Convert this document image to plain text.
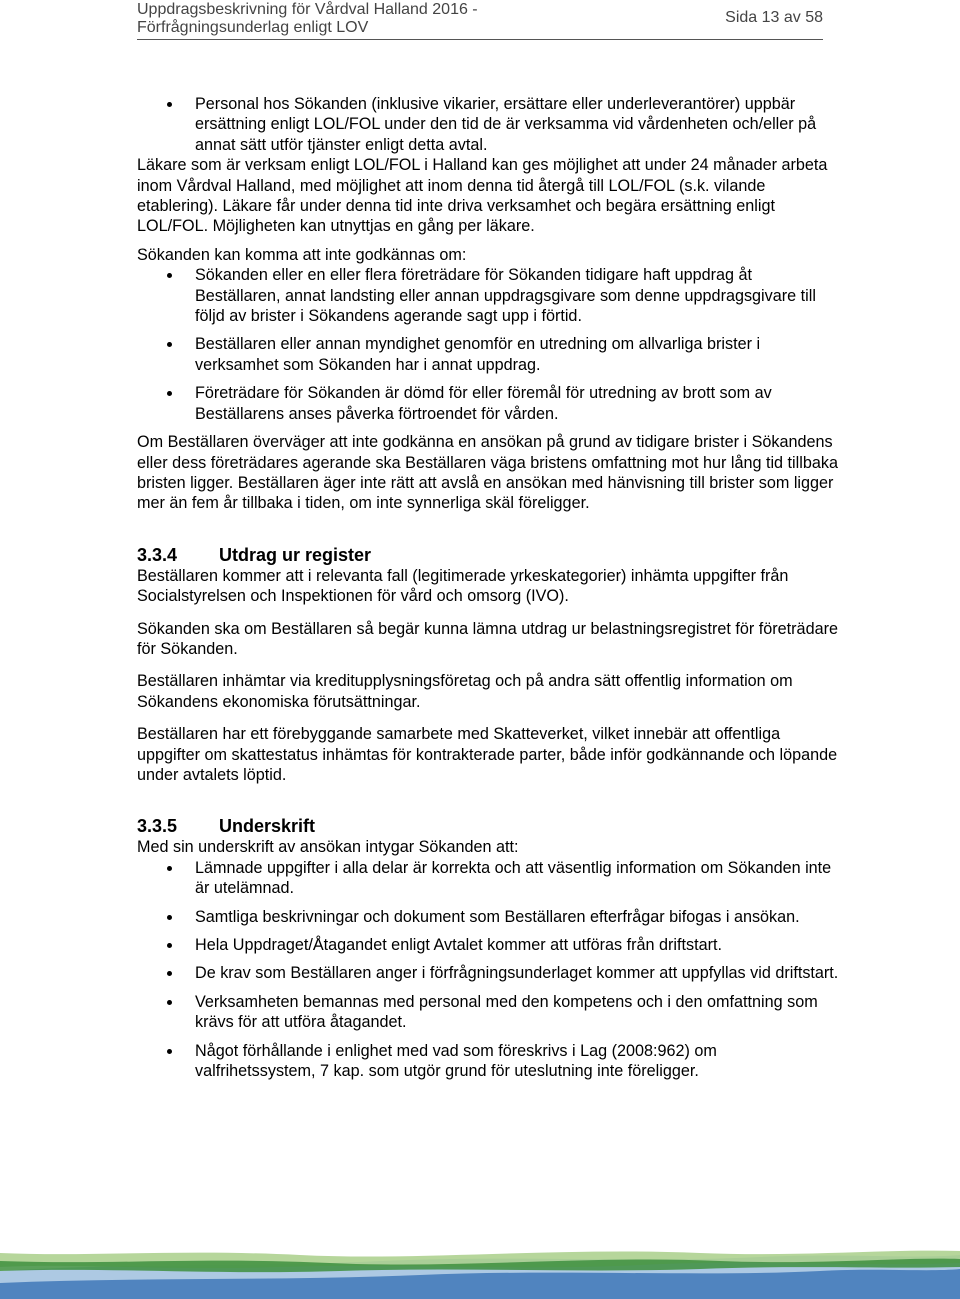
Uppdragsbeskrivning för Vårdval Halland 2016 -
Förfrågningsunderlag enligt LOV
Sida 13 av 58
Personal hos Sökanden (inklusive vikarier, ersättare eller underleverantörer) uppbär ersättning enligt LOL/FOL under den tid de är verksamma vid vårdenheten och/eller på annat sätt utför tjänster enligt detta avtal.

Läkare som är verksam enligt LOL/FOL i Halland kan ges möjlighet att under 24 månader arbeta inom Vårdval Halland, med möjlighet att inom denna tid återgå till LOL/FOL (s.k. vilande etablering). Läkare får under denna tid inte driva verksamhet och begära ersättning enligt LOL/FOL. Möjligheten kan utnyttjas en gång per läkare.

Sökanden kan komma att inte godkännas om:

Sökanden eller en eller flera företrädare för Sökanden tidigare haft uppdrag åt Beställaren, annat landsting eller annan uppdragsgivare som denne uppdragsgivare till följd av brister i Sökandens agerande sagt upp i förtid.
Beställaren eller annan myndighet genomför en utredning om allvarliga brister i verksamhet som Sökanden har i annat uppdrag.
Företrädare för Sökanden är dömd för eller föremål för utredning av brott som av Beställarens anses påverka förtroendet för vården.

Om Beställaren överväger att inte godkänna en ansökan på grund av tidigare brister i Sökandens eller dess företrädares agerande ska Beställaren väga bristens omfattning mot hur lång tid tillbaka bristen ligger. Beställaren äger inte rätt att avslå en ansökan med hänvisning till brister som ligger mer än fem år tillbaka i tiden, om inte synnerliga skäl föreligger.

3.3.4 Utdrag ur register

Beställaren kommer att i relevanta fall (legitimerade yrkeskategorier) inhämta uppgifter från Socialstyrelsen och Inspektionen för vård och omsorg (IVO).

Sökanden ska om Beställaren så begär kunna lämna utdrag ur belastningsregistret för företrädare för Sökanden.

Beställaren inhämtar via kreditupplysningsföretag och på andra sätt offentlig information om Sökandens ekonomiska förutsättningar.

Beställaren har ett förebyggande samarbete med Skatteverket, vilket innebär att offentliga uppgifter om skattestatus inhämtas för kontrakterade parter, både inför godkännande och löpande under avtalets löptid.

3.3.5 Underskrift

Med sin underskrift av ansökan intygar Sökanden att:

Lämnade uppgifter i alla delar är korrekta och att väsentlig information om Sökanden inte är utelämnad.
Samtliga beskrivningar och dokument som Beställaren efterfrågar bifogas i ansökan.
Hela Uppdraget/Åtagandet enligt Avtalet kommer att utföras från driftstart.
De krav som Beställaren anger i förfrågningsunderlaget kommer att uppfyllas vid driftstart.
Verksamheten bemannas med personal med den kompetens och i den omfattning som krävs för att utföra åtagandet.
Något förhållande i enlighet med vad som föreskrivs i Lag (2008:962) om valfrihetssystem, 7 kap. som utgör grund för uteslutning inte föreligger.
